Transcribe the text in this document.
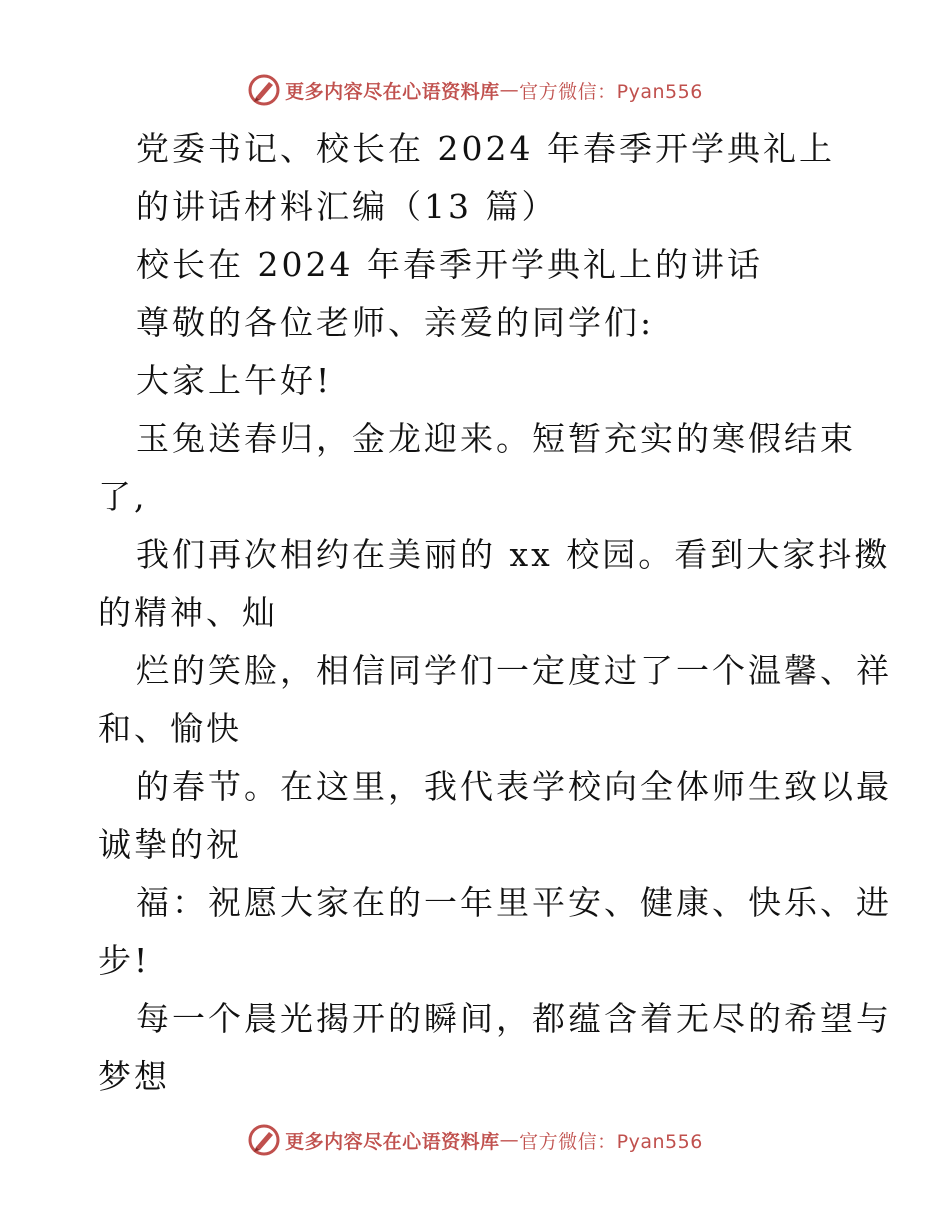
更多内容尽在心语资料库 — 官方微信：Pyan556
党委书记、校长在 2024 年春季开学典礼上
的讲话材料汇编（13 篇）
校长在 2024 年春季开学典礼上的讲话
尊敬的各位老师、亲爱的同学们:
大家上午好!
玉兔送春归，金龙迎来。短暂充实的寒假结束
了,
我们再次相约在美丽的 xx 校园。看到大家抖擞
的精神、灿
烂的笑脸，相信同学们一定度过了一个温馨、祥
和、愉快
的春节。在这里，我代表学校向全体师生致以最
诚挚的祝
福：祝愿大家在的一年里平安、健康、快乐、进
步!
每一个晨光揭开的瞬间，都蕴含着无尽的希望与
梦想
更多内容尽在心语资料库 — 官方微信：Pyan556
